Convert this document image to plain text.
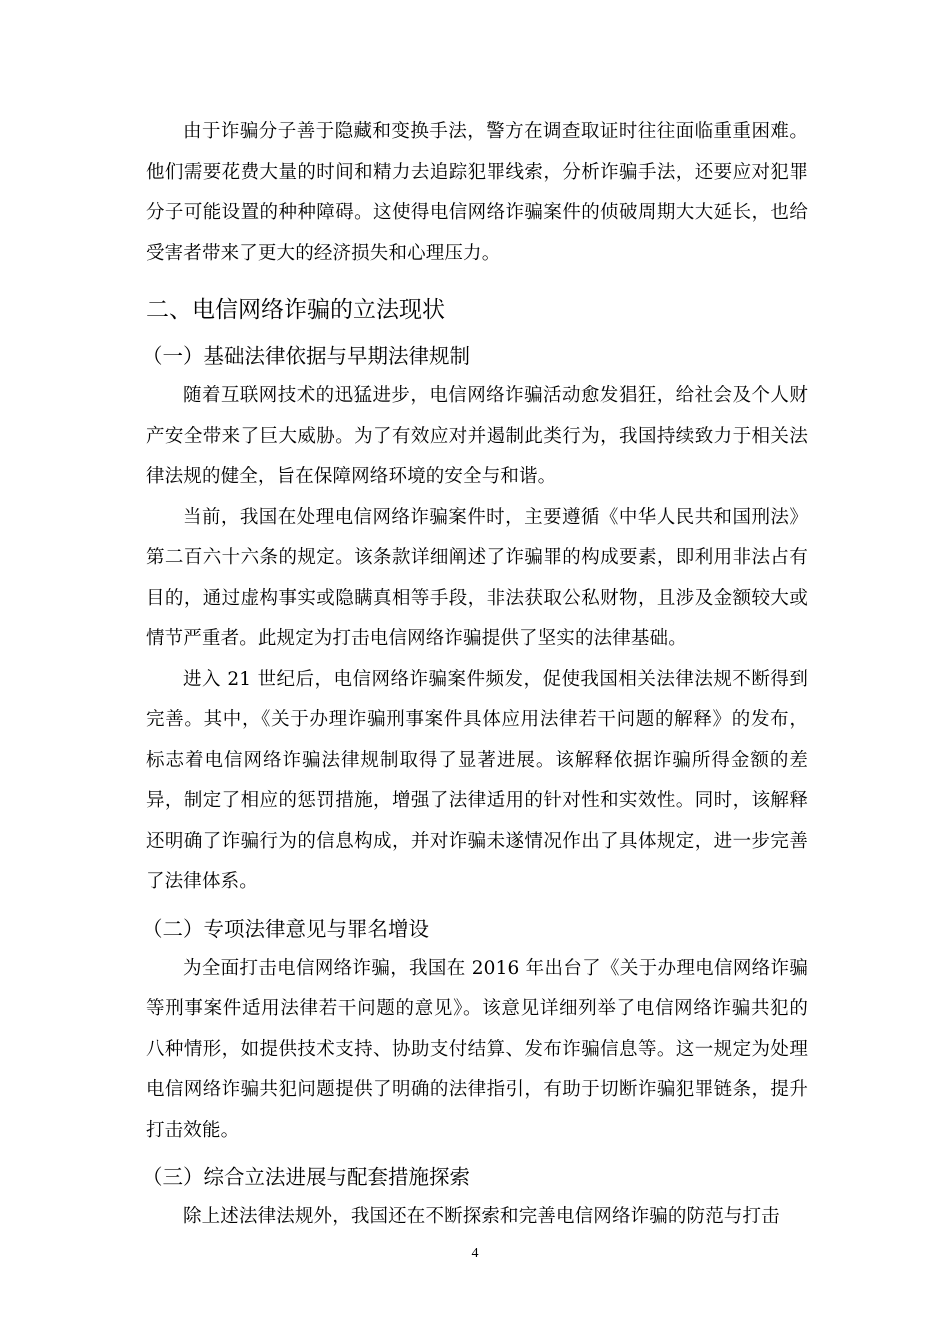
由于诈骗分子善于隐藏和变换手法，警方在调查取证时往往面临重重困难。他们需要花费大量的时间和精力去追踪犯罪线索，分析诈骗手法，还要应对犯罪分子可能设置的种种障碍。这使得电信网络诈骗案件的侦破周期大大延长，也给受害者带来了更大的经济损失和心理压力。

二、电信网络诈骗的立法现状
（一）基础法律依据与早期法律规制

随着互联网技术的迅猛进步，电信网络诈骗活动愈发猖狂，给社会及个人财产安全带来了巨大威胁。为了有效应对并遏制此类行为，我国持续致力于相关法律法规的健全，旨在保障网络环境的安全与和谐。

当前，我国在处理电信网络诈骗案件时，主要遵循《中华人民共和国刑法》第二百六十六条的规定。该条款详细阐述了诈骗罪的构成要素，即利用非法占有目的，通过虚构事实或隐瞒真相等手段，非法获取公私财物，且涉及金额较大或情节严重者。此规定为打击电信网络诈骗提供了坚实的法律基础。

进入 21 世纪后，电信网络诈骗案件频发，促使我国相关法律法规不断得到完善。其中，《关于办理诈骗刑事案件具体应用法律若干问题的解释》的发布，标志着电信网络诈骗法律规制取得了显著进展。该解释依据诈骗所得金额的差异，制定了相应的惩罚措施，增强了法律适用的针对性和实效性。同时，该解释还明确了诈骗行为的信息构成，并对诈骗未遂情况作出了具体规定，进一步完善了法律体系。

（二）专项法律意见与罪名增设

为全面打击电信网络诈骗，我国在 2016 年出台了《关于办理电信网络诈骗等刑事案件适用法律若干问题的意见》。该意见详细列举了电信网络诈骗共犯的八种情形，如提供技术支持、协助支付结算、发布诈骗信息等。这一规定为处理电信网络诈骗共犯问题提供了明确的法律指引，有助于切断诈骗犯罪链条，提升打击效能。

（三）综合立法进展与配套措施探索

除上述法律法规外，我国还在不断探索和完善电信网络诈骗的防范与打击

4
